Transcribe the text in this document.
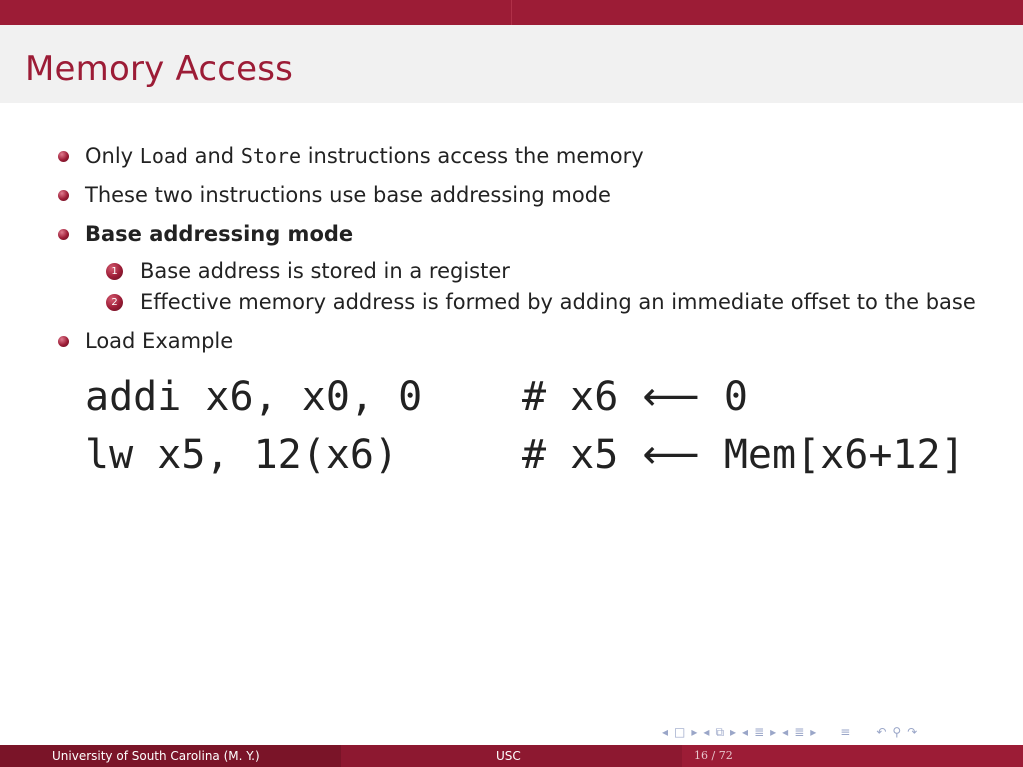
Memory Access
Only Load and Store instructions access the memory
These two instructions use base addressing mode
Base addressing mode
1 Base address is stored in a register
2 Effective memory address is formed by adding an immediate offset to the base
Load Example
addi x6, x0, 0	# x6 ⟵ 0
lw x5, 12(x6)	# x5 ⟵ Mem[x6+12]
◂ □ ▸ ◂ ⧉ ▸ ◂ ≣ ▸ ◂ ≣ ▸ ≡ ↶ ⚲ ↷
University of South Carolina (M. Y.)	USC	16 / 72
